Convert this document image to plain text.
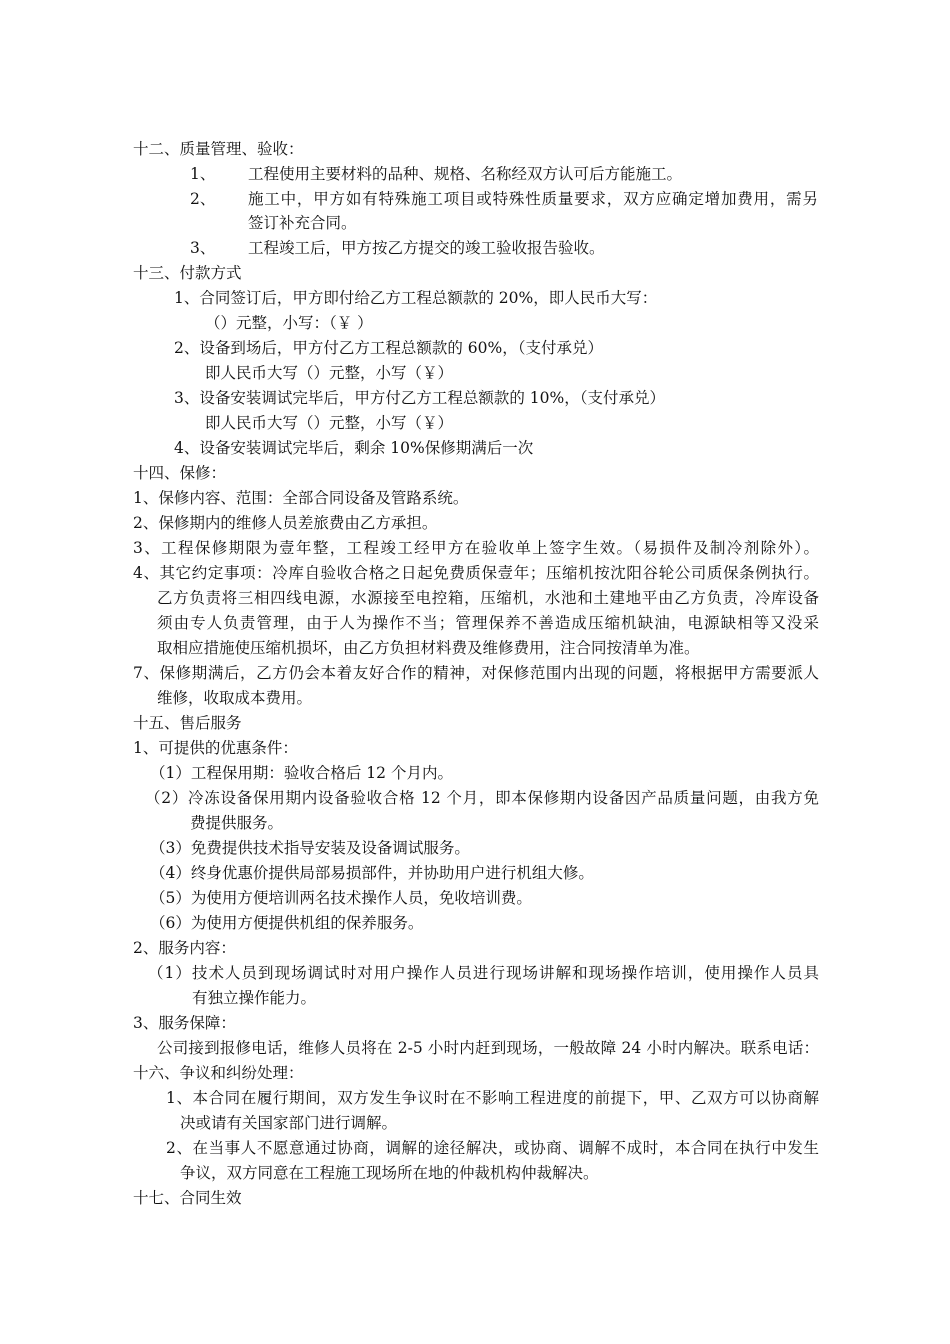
十二、质量管理、验收：
1、 工程使用主要材料的品种、规格、名称经双方认可后方能施工。
2、 施工中，甲方如有特殊施工项目或特殊性质量要求，双方应确定增加费用，需另
签订补充合同。
3、 工程竣工后，甲方按乙方提交的竣工验收报告验收。
十三、付款方式
1、合同签订后，甲方即付给乙方工程总额款的 20%，即人民币大写：
（）元整，小写：（￥ ）
2、设备到场后，甲方付乙方工程总额款的 60%，（支付承兑）
即人民币大写（）元整，小写（￥）
3、设备安装调试完毕后，甲方付乙方工程总额款的 10%，（支付承兑）
即人民币大写（）元整，小写（￥）
4、设备安装调试完毕后，剩余 10%保修期满后一次
十四、保修：
1、保修内容、范围：全部合同设备及管路系统。
2、保修期内的维修人员差旅费由乙方承担。
3、工程保修期限为壹年整，工程竣工经甲方在验收单上签字生效。（易损件及制冷剂除外）。
4、其它约定事项：冷库自验收合格之日起免费质保壹年；压缩机按沈阳谷轮公司质保条例执行。
乙方负责将三相四线电源，水源接至电控箱，压缩机，水池和土建地平由乙方负责，冷库设备
须由专人负责管理，由于人为操作不当；管理保养不善造成压缩机缺油，电源缺相等又没采
取相应措施使压缩机损坏，由乙方负担材料费及维修费用，注合同按清单为准。
7、保修期满后，乙方仍会本着友好合作的精神，对保修范围内出现的问题，将根据甲方需要派人
维修，收取成本费用。
十五、售后服务
1、可提供的优惠条件：
（1）工程保用期：验收合格后 12 个月内。
（2）冷冻设备保用期内设备验收合格 12 个月，即本保修期内设备因产品质量问题，由我方免
费提供服务。
（3）免费提供技术指导安装及设备调试服务。
（4）终身优惠价提供局部易损部件，并协助用户进行机组大修。
（5）为使用方便培训两名技术操作人员，免收培训费。
（6）为使用方便提供机组的保养服务。
2、服务内容：
（1）技术人员到现场调试时对用户操作人员进行现场讲解和现场操作培训，使用操作人员具
有独立操作能力。
3、服务保障：
公司接到报修电话，维修人员将在 2-5 小时内赶到现场，一般故障 24 小时内解决。联系电话：
十六、争议和纠纷处理：
1、本合同在履行期间，双方发生争议时在不影响工程进度的前提下，甲、乙双方可以协商解
决或请有关国家部门进行调解。
2、在当事人不愿意通过协商，调解的途径解决，或协商、调解不成时，本合同在执行中发生
争议，双方同意在工程施工现场所在地的仲裁机构仲裁解决。
十七、合同生效
